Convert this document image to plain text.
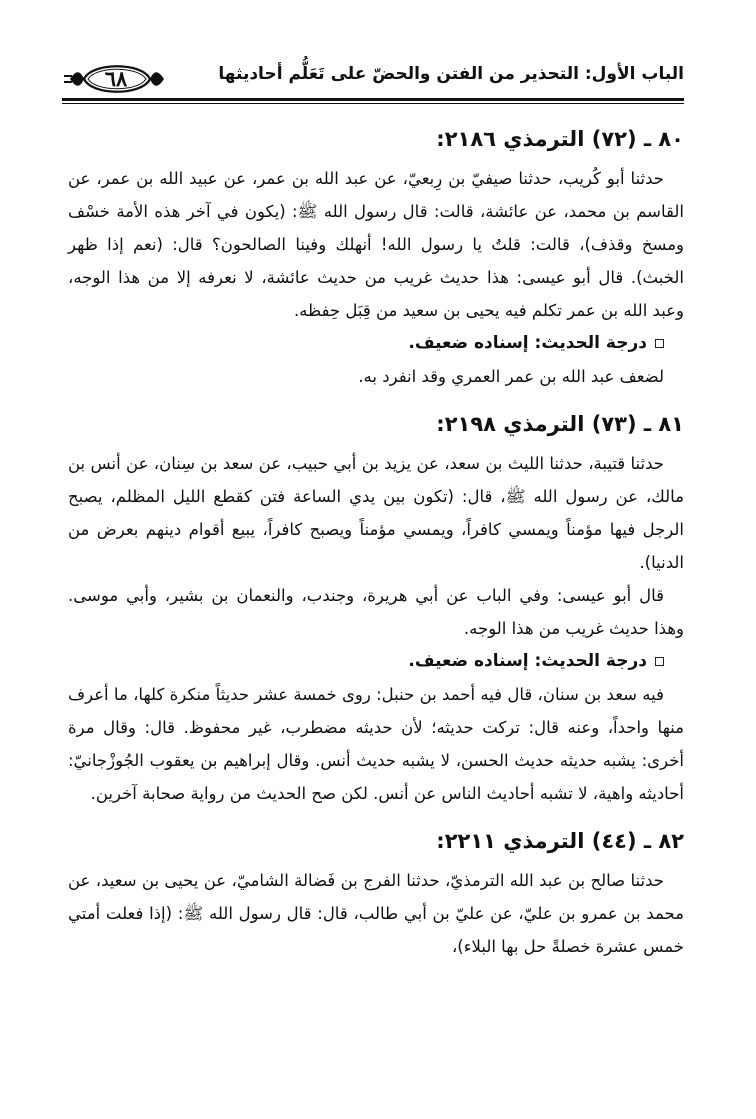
الباب الأول: التحذير من الفتن والحضّ على تَعَلُّم أحاديثها
٦٨
٨٠ ـ (٧٢) الترمذي ٢١٨٦:

حدثنا أبو كُريب، حدثنا صيفيّ بن رِبعيّ، عن عبد الله بن عمر، عن عبيد الله بن عمر، عن القاسم بن محمد، عن عائشة، قالت: قال رسول الله ﷺ: (يكون في آخر هذه الأمة خسْف ومسخ وقذف)، قالت: قلتُ يا رسول الله! أنهلك وفينا الصالحون؟ قال: (نعم إذا ظهر الخبث). قال أبو عيسى: هذا حديث غريب من حديث عائشة، لا نعرفه إلا من هذا الوجه، وعبد الله بن عمر تكلم فيه يحيى بن سعيد من قِبَل حِفظه.

درجة الحديث: إسناده ضعيف.

لضعف عبد الله بن عمر العمري وقد انفرد به.

٨١ ـ (٧٣) الترمذي ٢١٩٨:

حدثنا قتيبة، حدثنا الليث بن سعد، عن يزيد بن أبي حبيب، عن سعد بن سِنان، عن أنس بن مالك، عن رسول الله ﷺ، قال: (تكون بين يدي الساعة فتن كقطع الليل المظلم، يصبح الرجل فيها مؤمناً ويمسي كافراً، ويمسي مؤمناً ويصبح كافراً، يبيع أقوام دينهم بعرض من الدنيا).

قال أبو عيسى: وفي الباب عن أبي هريرة، وجندب، والنعمان بن بشير، وأبي موسى. وهذا حديث غريب من هذا الوجه.

درجة الحديث: إسناده ضعيف.

فيه سعد بن سنان، قال فيه أحمد بن حنبل: روى خمسة عشر حديثاً منكرة كلها، ما أعرف منها واحداً، وعنه قال: تركت حديثه؛ لأن حديثه مضطرب، غير محفوظ. قال: وقال مرة أخرى: يشبه حديثه حديث الحسن، لا يشبه حديث أنس. وقال إبراهيم بن يعقوب الجُوزْجانيّ: أحاديثه واهية، لا تشبه أحاديث الناس عن أنس. لكن صح الحديث من رواية صحابة آخرين.

٨٢ ـ (٤٤) الترمذي ٢٢١١:

حدثنا صالح بن عبد الله الترمذيّ، حدثنا الفرج بن فَضالة الشاميّ، عن يحيى بن سعيد، عن محمد بن عمرو بن عليّ، عن عليّ بن أبي طالب، قال: قال رسول الله ﷺ: (إذا فعلت أمتي خمس عشرة خصلةً حل بها البلاء)،
